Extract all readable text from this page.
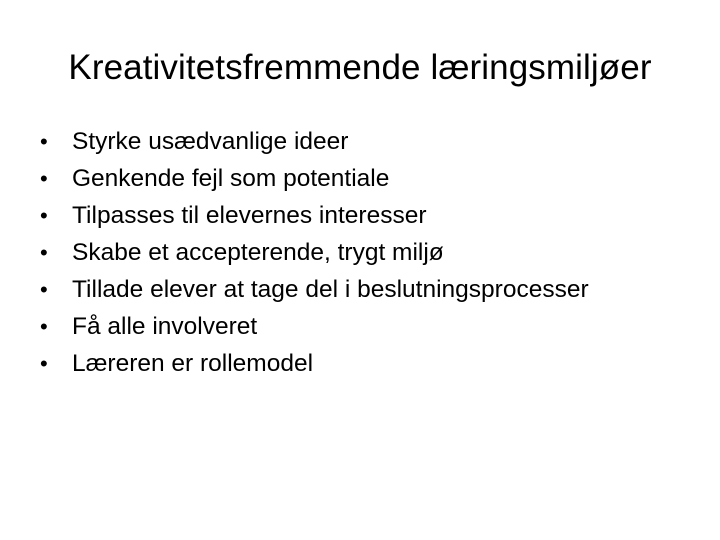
Kreativitetsfremmende læringsmiljøer
• Styrke usædvanlige ideer
• Genkende fejl som potentiale
• Tilpasses til elevernes interesser
• Skabe et accepterende, trygt miljø
• Tillade elever at tage del i beslutningsprocesser
• Få alle involveret
• Læreren er rollemodel
